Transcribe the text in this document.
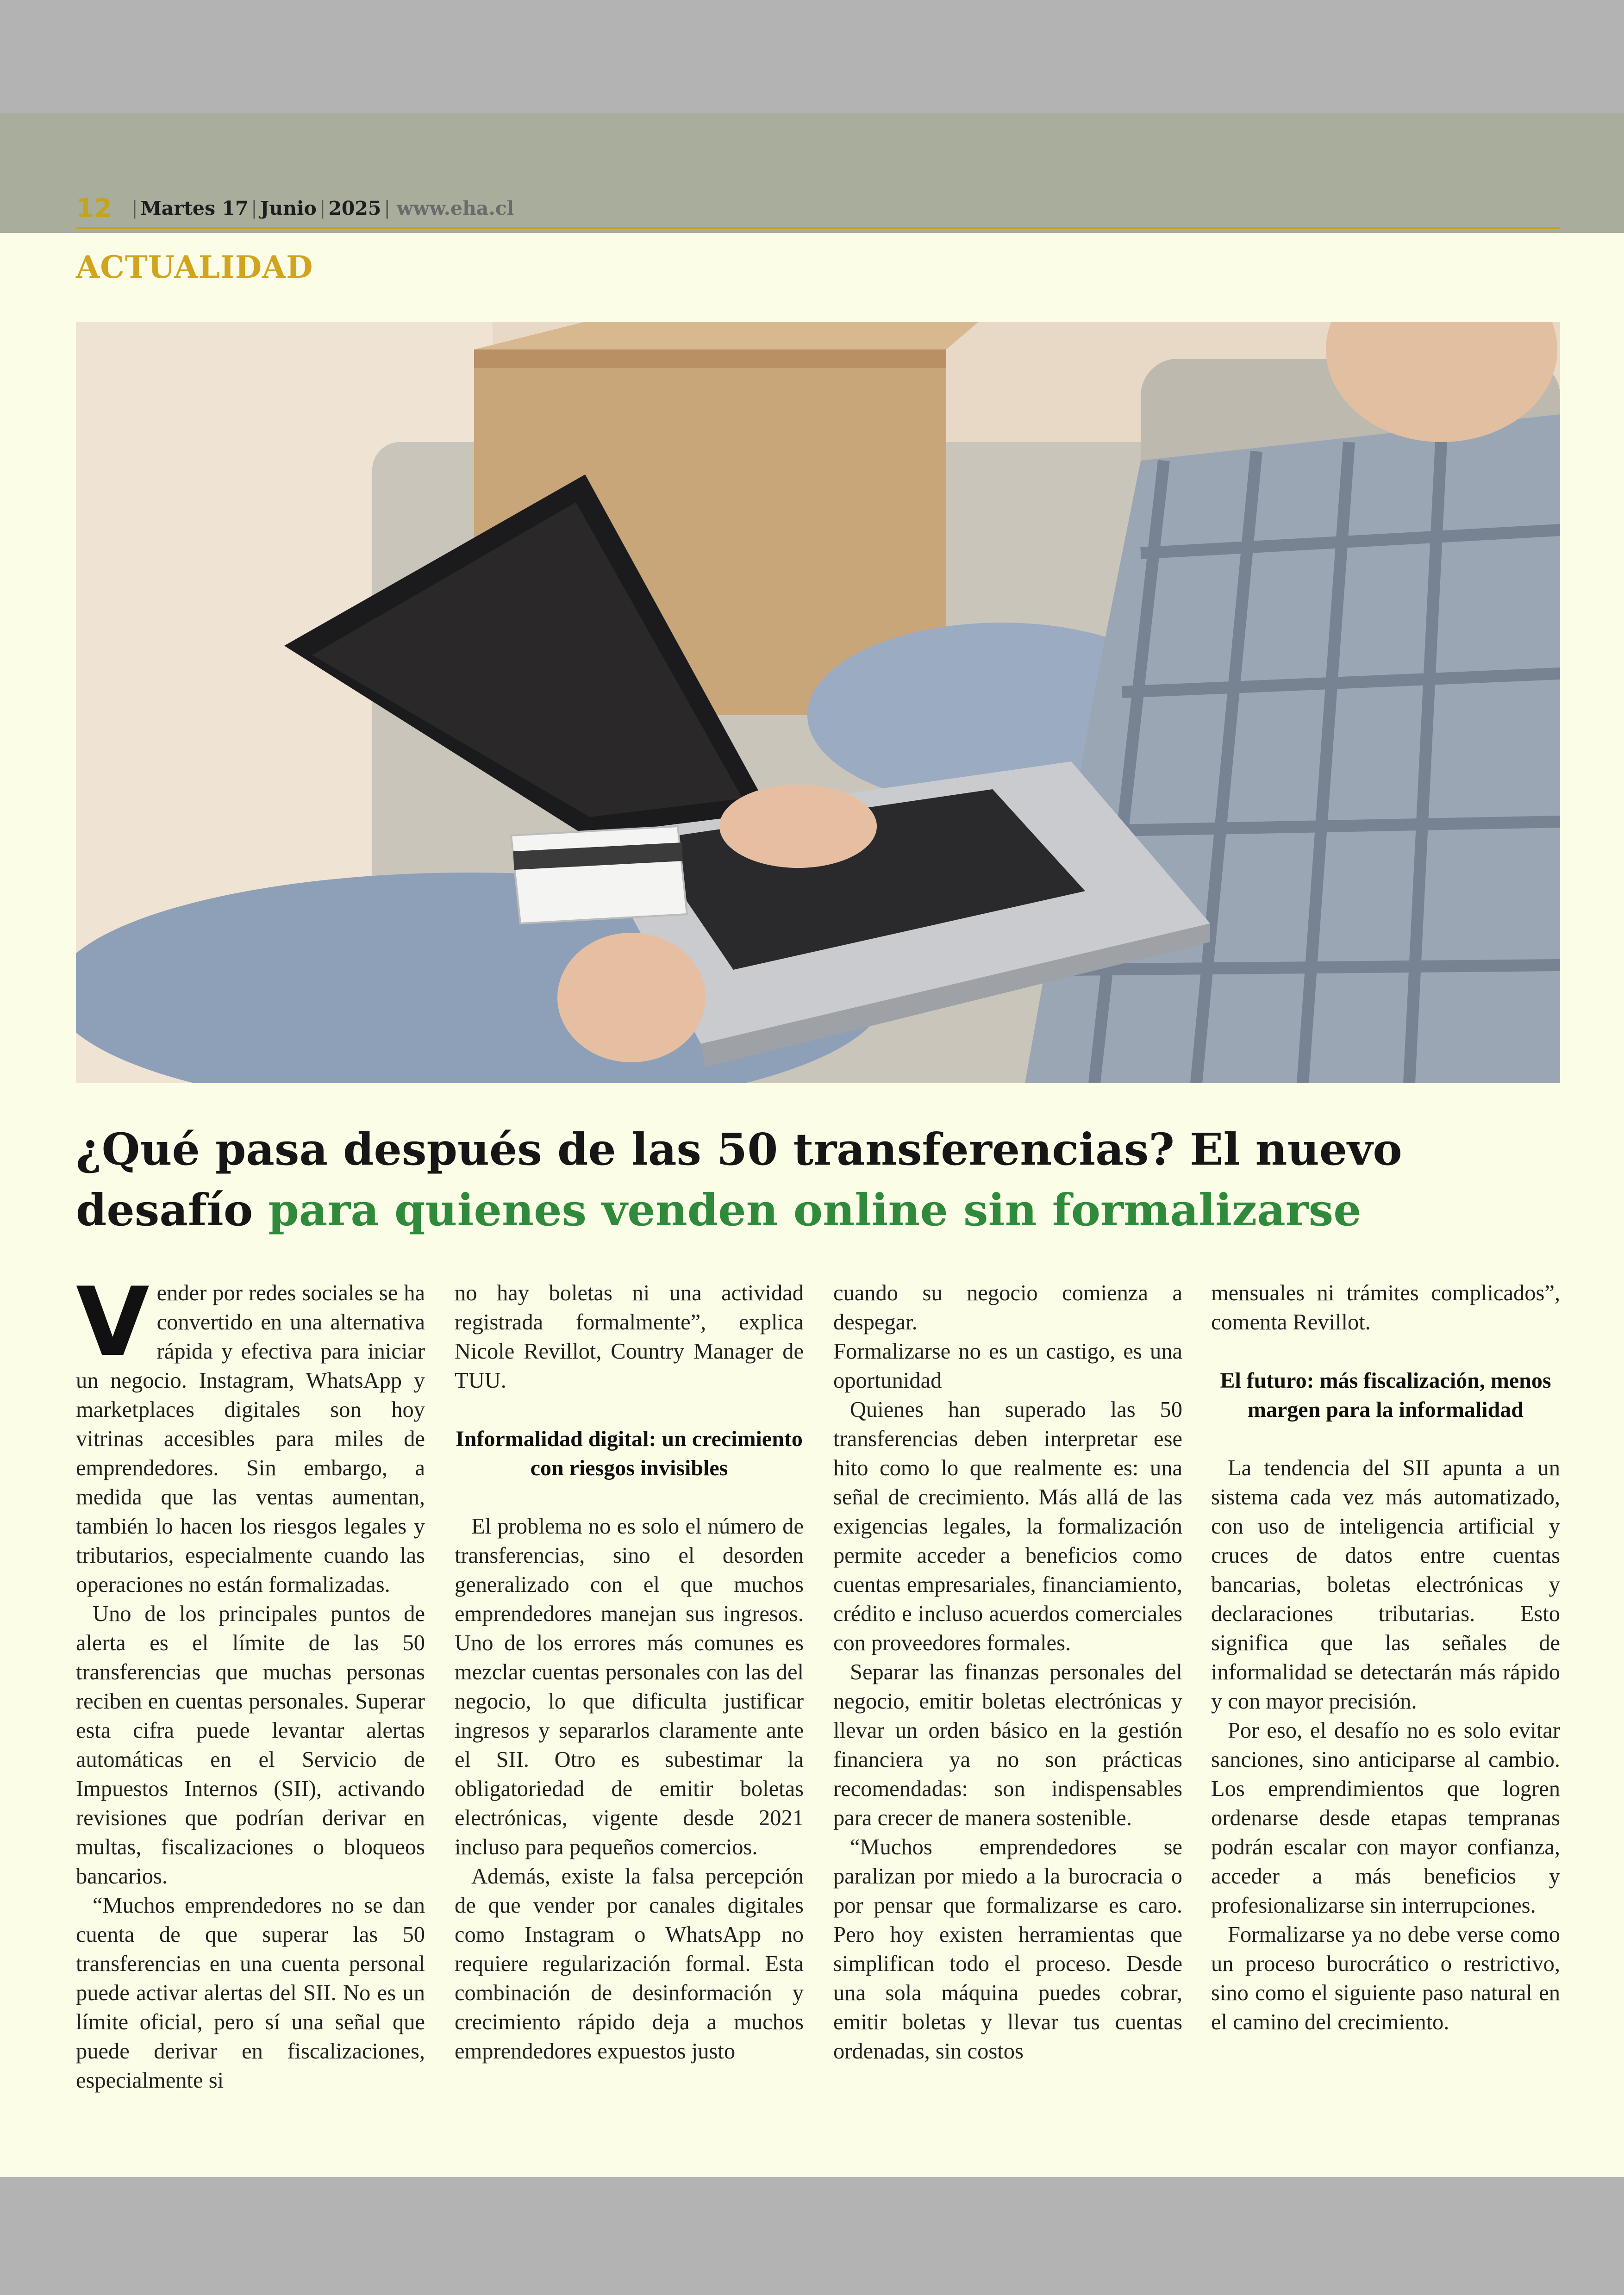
12 | Martes 17 | Junio | 2025 | www.eha.cl
ACTUALIDAD
¿Qué pasa después de las 50 transferencias? El nuevo desafío para quienes venden online sin formalizarse

Vender por redes sociales se ha convertido en una alternativa rápida y efectiva para iniciar un negocio. Instagram, WhatsApp y marketplaces digitales son hoy vitrinas accesibles para miles de emprendedores. Sin embargo, a medida que las ventas aumentan, también lo hacen los riesgos legales y tributarios, especialmente cuando las operaciones no están formalizadas.

Uno de los principales puntos de alerta es el límite de las 50 transferencias que muchas personas reciben en cuentas personales. Superar esta cifra puede levantar alertas automáticas en el Servicio de Impuestos Internos (SII), activando revisiones que podrían derivar en multas, fiscalizaciones o bloqueos bancarios.

“Muchos emprendedores no se dan cuenta de que superar las 50 transferencias en una cuenta personal puede activar alertas del SII. No es un límite oficial, pero sí una señal que puede derivar en fiscalizaciones, especialmente si

no hay boletas ni una actividad registrada formalmente”, explica Nicole Revillot, Country Manager de TUU.

Informalidad digital: un crecimiento con riesgos invisibles

El problema no es solo el número de transferencias, sino el desorden generalizado con el que muchos emprendedores manejan sus ingresos. Uno de los errores más comunes es mezclar cuentas personales con las del negocio, lo que dificulta justificar ingresos y separarlos claramente ante el SII. Otro es subestimar la obligatoriedad de emitir boletas electrónicas, vigente desde 2021 incluso para pequeños comercios.

Además, existe la falsa percepción de que vender por canales digitales como Instagram o WhatsApp no requiere regularización formal. Esta combinación de desinformación y crecimiento rápido deja a muchos emprendedores expuestos justo

cuando su negocio comienza a despegar.

Formalizarse no es un castigo, es una oportunidad

Quienes han superado las 50 transferencias deben interpretar ese hito como lo que realmente es: una señal de crecimiento. Más allá de las exigencias legales, la formalización permite acceder a beneficios como cuentas empresariales, financiamiento, crédito e incluso acuerdos comerciales con proveedores formales.

Separar las finanzas personales del negocio, emitir boletas electrónicas y llevar un orden básico en la gestión financiera ya no son prácticas recomendadas: son indispensables para crecer de manera sostenible.

“Muchos emprendedores se paralizan por miedo a la burocracia o por pensar que formalizarse es caro. Pero hoy existen herramientas que simplifican todo el proceso. Desde una sola máquina puedes cobrar, emitir boletas y llevar tus cuentas ordenadas, sin costos

mensuales ni trámites complicados”, comenta Revillot.

El futuro: más fiscalización, menos margen para la informalidad

La tendencia del SII apunta a un sistema cada vez más automatizado, con uso de inteligencia artificial y cruces de datos entre cuentas bancarias, boletas electrónicas y declaraciones tributarias. Esto significa que las señales de informalidad se detectarán más rápido y con mayor precisión.

Por eso, el desafío no es solo evitar sanciones, sino anticiparse al cambio. Los emprendimientos que logren ordenarse desde etapas tempranas podrán escalar con mayor confianza, acceder a más beneficios y profesionalizarse sin interrupciones.

Formalizarse ya no debe verse como un proceso burocrático o restrictivo, sino como el siguiente paso natural en el camino del crecimiento.
